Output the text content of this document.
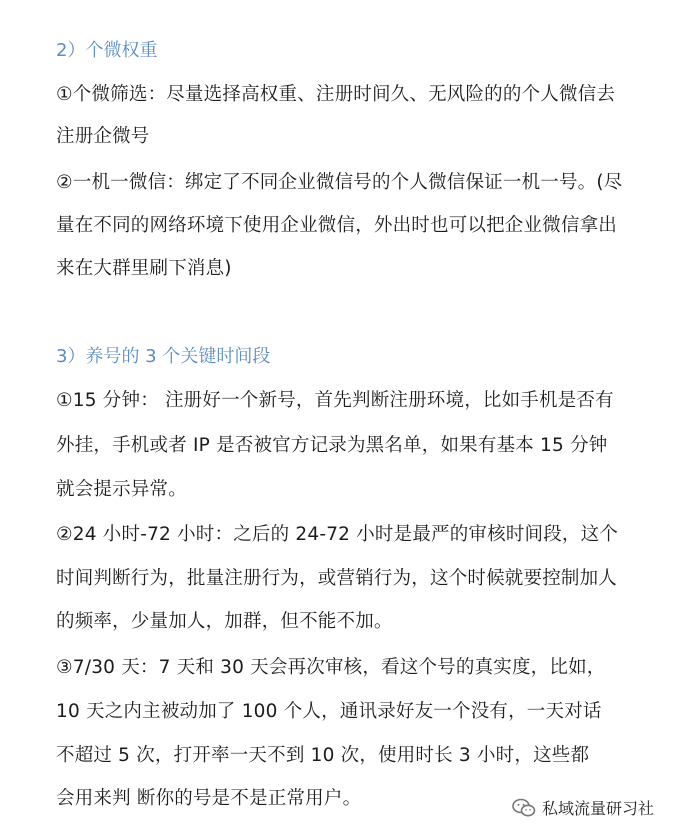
2）个微权重
①个微筛选：尽量选择高权重、注册时间久、无风险的的个人微信去
注册企微号
②一机一微信：绑定了不同企业微信号的个人微信保证一机一号。(尽
量在不同的网络环境下使用企业微信，外出时也可以把企业微信拿出
来在大群里刷下消息)
3）养号的 3 个关键时间段
①15 分钟： 注册好一个新号，首先判断注册环境，比如手机是否有
外挂，手机或者 IP 是否被官方记录为黑名单，如果有基本 15 分钟
就会提示异常。
②24 小时-72 小时：之后的 24-72 小时是最严的审核时间段，这个
时间判断行为，批量注册行为，或营销行为，这个时候就要控制加人
的频率，少量加人，加群，但不能不加。
③7/30 天：7 天和 30 天会再次审核，看这个号的真实度，比如，
10 天之内主被动加了 100 个人，通讯录好友一个没有，一天对话
不超过 5 次，打开率一天不到 10 次，使用时长 3 小时，这些都
会用来判 断你的号是不是正常用户。	私域流量研习社
